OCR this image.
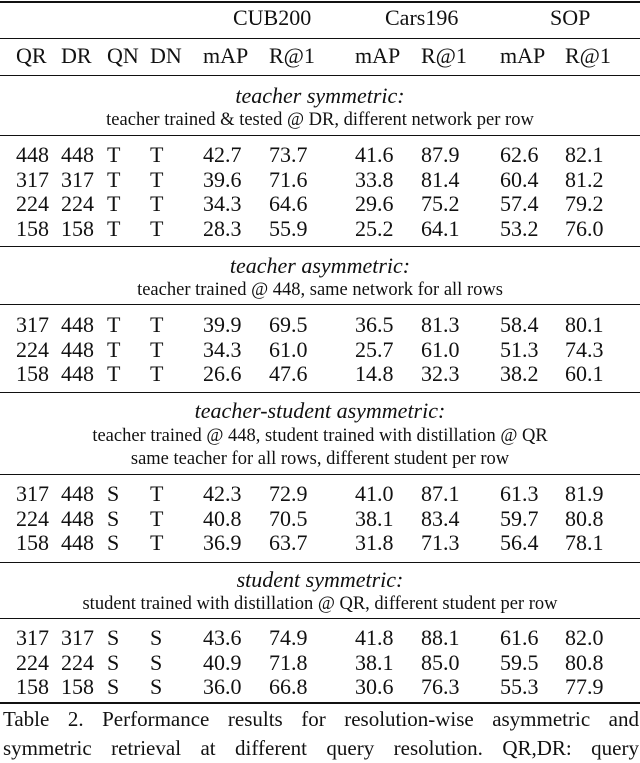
CUB200	Cars196	SOP
QR DR QN DN mAP R@1 mAP R@1 mAP R@1
teacher symmetric:
teacher trained & tested @ DR, different network per row
448 448 T T 42.7 73.7 41.6 87.9 62.6 82.1
317 317 T T 39.6 71.6 33.8 81.4 60.4 81.2
224 224 T T 34.3 64.6 29.6 75.2 57.4 79.2
158 158 T T 28.3 55.9 25.2 64.1 53.2 76.0
teacher asymmetric:
teacher trained @ 448, same network for all rows
317 448 T T 39.9 69.5 36.5 81.3 58.4 80.1
224 448 T T 34.3 61.0 25.7 61.0 51.3 74.3
158 448 T T 26.6 47.6 14.8 32.3 38.2 60.1
teacher-student asymmetric:
teacher trained @ 448, student trained with distillation @ QR
same teacher for all rows, different student per row
317 448 S T 42.3 72.9 41.0 87.1 61.3 81.9
224 448 S T 40.8 70.5 38.1 83.4 59.7 80.8
158 448 S T 36.9 63.7 31.8 71.3 56.4 78.1
student symmetric:
student trained with distillation @ QR, different student per row
317 317 S S 43.6 74.9 41.8 88.1 61.6 82.0
224 224 S S 40.9 71.8 38.1 85.0 59.5 80.8
158 158 S S 36.0 66.8 30.6 76.3 55.3 77.9
Table 2. Performance results for resolution-wise asymmetric and
symmetric retrieval at different query resolution. QR,DR: query
